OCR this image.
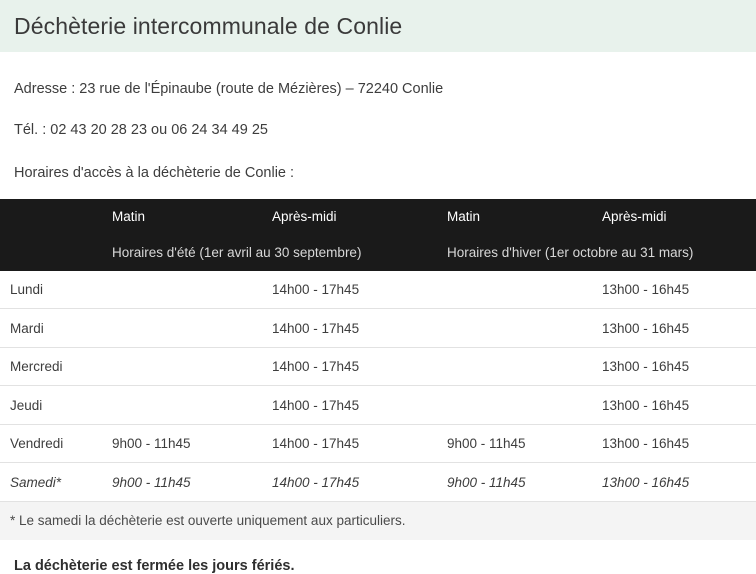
Déchèterie intercommunale de Conlie

Adresse : 23 rue de l'Épinaube (route de Mézières) – 72240 Conlie

Tél. : 02 43 20 28 23 ou 06 24 34 49 25

Horaires d'accès à la déchèterie de Conlie :

	Matin	Après-midi	Matin	Après-midi
	Horaires d'été (1er avril au 30 septembre)		Horaires d'hiver (1er octobre au 31 mars)	
Lundi		14h00 - 17h45		13h00 - 16h45
Mardi		14h00 - 17h45		13h00 - 16h45
Mercredi		14h00 - 17h45		13h00 - 16h45
Jeudi		14h00 - 17h45		13h00 - 16h45
Vendredi	9h00 - 11h45	14h00 - 17h45	9h00 - 11h45	13h00 - 16h45
Samedi*	9h00 - 11h45	14h00 - 17h45	9h00 - 11h45	13h00 - 16h45
* Le samedi la déchèterie est ouverte uniquement aux particuliers.				
La déchèterie est fermée les jours fériés.
